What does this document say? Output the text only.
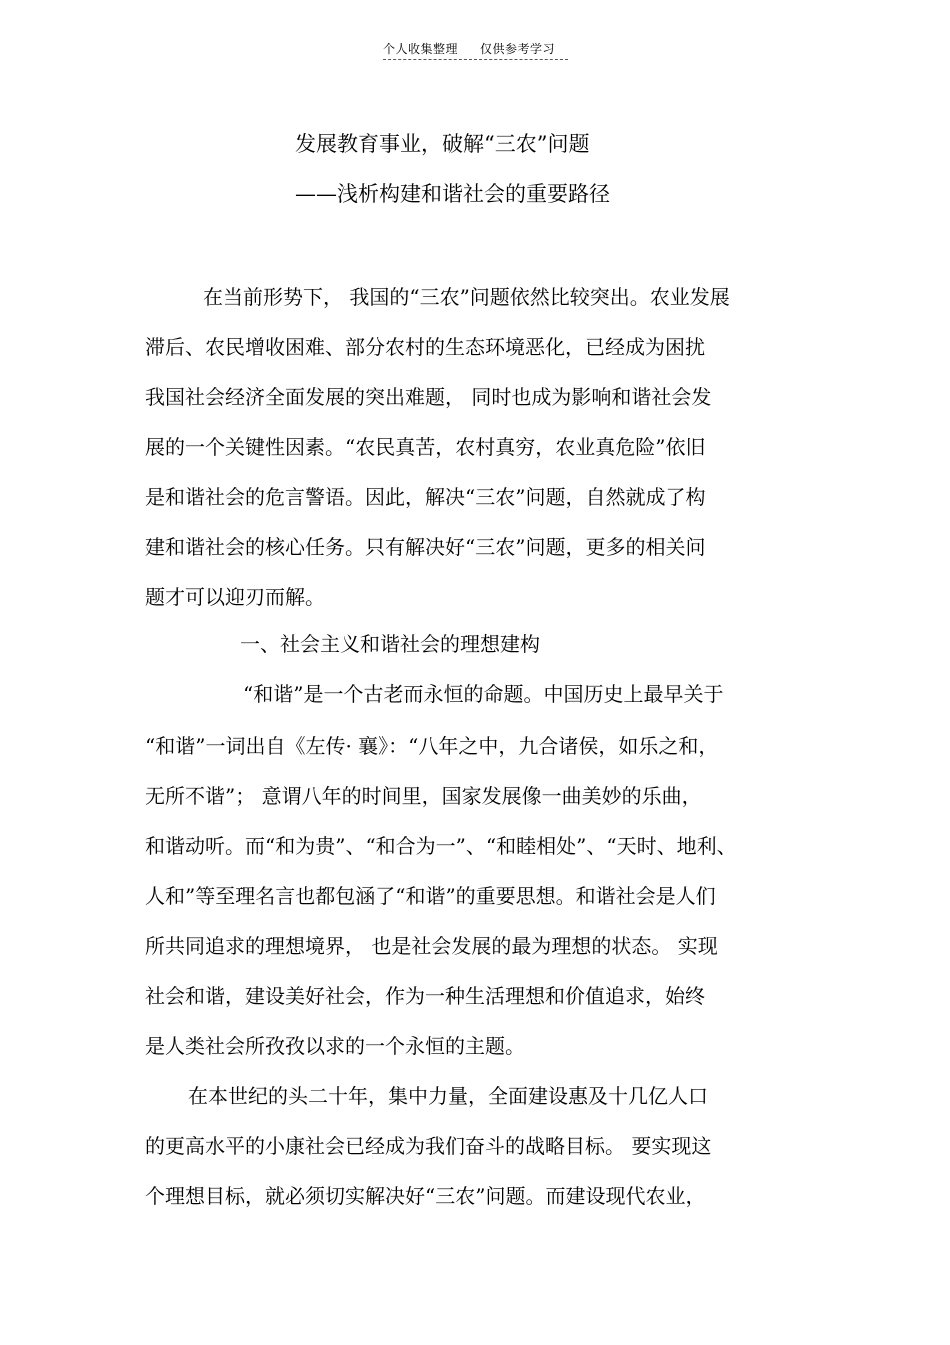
个人收集整理 仅供参考学习
发展教育事业，破解“三农”问题
——浅析构建和谐社会的重要路径
在当前形势下， 我国的“三农”问题依然比较突出。农业发展
滞后、农民增收困难、部分农村的生态环境恶化，已经成为困扰
我国社会经济全面发展的突出难题， 同时也成为影响和谐社会发
展的一个关键性因素。“农民真苦，农村真穷，农业真危险”依旧
是和谐社会的危言警语。因此，解决“三农”问题，自然就成了构
建和谐社会的核心任务。只有解决好“三农”问题，更多的相关问
题才可以迎刃而解。
一、社会主义和谐社会的理想建构
“和谐”是一个古老而永恒的命题。中国历史上最早关于
“和谐”一词出自《左传· 襄》：“八年之中，九合诸侯，如乐之和，
无所不谐”； 意谓八年的时间里，国家发展像一曲美妙的乐曲，
和谐动听。而“和为贵”、“和合为一”、“和睦相处”、“天时、地利、
人和”等至理名言也都包涵了“和谐”的重要思想。和谐社会是人们
所共同追求的理想境界， 也是社会发展的最为理想的状态。 实现
社会和谐，建设美好社会，作为一种生活理想和价值追求，始终
是人类社会所孜孜以求的一个永恒的主题。
在本世纪的头二十年，集中力量，全面建设惠及十几亿人口
的更高水平的小康社会已经成为我们奋斗的战略目标。 要实现这
个理想目标，就必须切实解决好“三农”问题。而建设现代农业，
